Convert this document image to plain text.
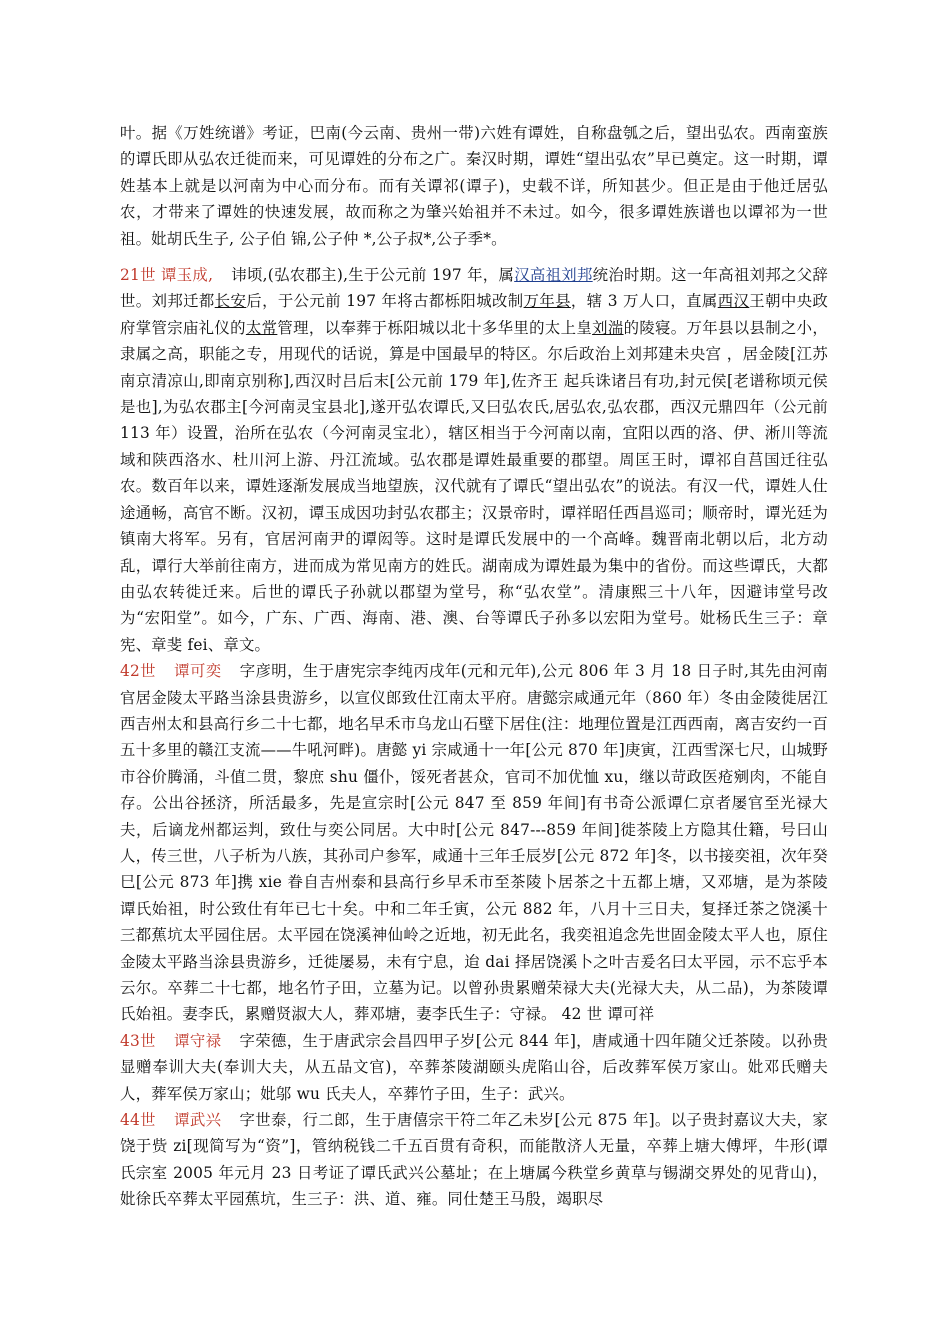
叶。据《万姓统谱》考证，巴南(今云南、贵州一带)六姓有谭姓，自称盘瓠之后，望出弘农。西南蛮族的谭氏即从弘农迁徙而来，可见谭姓的分布之广。秦汉时期，谭姓“望出弘农”早已奠定。这一时期，谭姓基本上就是以河南为中心而分布。而有关谭祁(谭子)，史载不详，所知甚少。但正是由于他迁居弘农，才带来了谭姓的快速发展，故而称之为肇兴始祖并不未过。如今，很多谭姓族谱也以谭祁为一世祖。妣胡氏生子, 公子伯 锦,公子仲 *,公子叔*,公子季*。

21世 谭玉成, 讳顷,(弘农郡主),生于公元前 197 年，属汉高祖刘邦统治时期。这一年高祖刘邦之父辞世。刘邦迁都长安后，于公元前 197 年将古都栎阳城改制万年县，辖 3 万人口，直属西汉王朝中央政府掌管宗庙礼仪的太常管理，以奉葬于栎阳城以北十多华里的太上皇刘湍的陵寝。万年县以县制之小，隶属之高，职能之专，用现代的话说，算是中国最早的特区。尔后政治上刘邦建未央宫 ，居金陵[江苏南京清凉山,即南京别称],西汉时吕后末[公元前 179 年],佐齐王 起兵诛诸吕有功,封元侯[老谱称顷元侯是也],为弘农郡主[今河南灵宝县北],遂开弘农谭氏,又曰弘农氏,居弘农,弘农郡，西汉元鼎四年（公元前 113 年）设置，治所在弘农（今河南灵宝北），辖区相当于今河南以南，宜阳以西的洛、伊、淅川等流域和陕西洛水、杜川河上游、丹江流域。弘农郡是谭姓最重要的郡望。周匡王时，谭祁自莒国迁往弘农。数百年以来，谭姓逐渐发展成当地望族，汉代就有了谭氏“望出弘农”的说法。有汉一代，谭姓人仕途通畅，高官不断。汉初，谭玉成因功封弘农郡主；汉景帝时，谭祥昭任西昌巡司；顺帝时，谭光廷为镇南大将军。另有，官居河南尹的谭闳等。这时是谭氏发展中的一个高峰。魏晋南北朝以后，北方动乱，谭行大举前往南方，进而成为常见南方的姓氏。湖南成为谭姓最为集中的省份。而这些谭氏，大都由弘农转徙迁来。后世的谭氏子孙就以郡望为堂号，称“弘农堂”。清康熙三十八年，因避讳堂号改为“宏阳堂”。如今，广东、广西、海南、港、澳、台等谭氏子孙多以宏阳为堂号。妣杨氏生三子：章宪、章斐 fei、章文。

42世 谭可奕 字彦明，生于唐宪宗李纯丙戌年(元和元年),公元 806 年 3 月 18 日子时,其先由河南官居金陵太平路当涂县贵游乡，以宣仪郎致仕江南太平府。唐懿宗咸通元年（860 年）冬由金陵徙居江西吉州太和县高行乡二十七都，地名早禾市乌龙山石壁下居住(注：地理位置是江西西南，离吉安约一百五十多里的赣江支流——牛吼河畔)。唐懿 yi 宗咸通十一年[公元 870 年]庚寅，江西雪深七尺，山城野市谷价腾涌，斗值二贯，黎庶 shu 僵仆，馁死者甚众，官司不加优恤 xu，继以苛政医疮剜肉，不能自存。公出谷拯济，所活最多，先是宣宗时[公元 847 至 859 年间]有书奇公派谭仁京者屡官至光禄大夫，后谪龙州都运判，致仕与奕公同居。大中时[公元 847---859 年间]徙茶陵上方隐其仕籍，号曰山人，传三世，八子析为八族，其孙司户参军，咸通十三年壬辰岁[公元 872 年]冬，以书接奕祖，次年癸巳[公元 873 年]携 xie 眷自吉州泰和县高行乡早禾市至茶陵卜居茶之十五都上塘，又邓塘，是为茶陵谭氏始祖，时公致仕有年已七十矣。中和二年壬寅，公元 882 年，八月十三日夫，复择迁茶之饶溪十三都蕉坑太平园住居。太平园在饶溪神仙岭之近地，初无此名，我奕祖追念先世固金陵太平人也，原住金陵太平路当涂县贵游乡，迁徙屡易，未有宁息，迨 dai 择居饶溪卜之叶吉爰名曰太平园，示不忘乎本云尔。卒葬二十七都，地名竹子田，立墓为记。以曾孙贵累赠荣禄大夫(光禄大夫，从二品)，为茶陵谭氏始祖。妻李氏，累赠贤淑大人，葬邓塘，妻李氏生子：守禄。 42 世 谭可祥

43世 谭守禄 字荣德，生于唐武宗会昌四甲子岁[公元 844 年]，唐咸通十四年随父迁茶陵。以孙贵显赠奉训大夫(奉训大夫，从五品文官)，卒葬茶陵湖颐头虎陷山谷，后改葬军侯万家山。妣邓氏赠夫人，葬军侯万家山；妣邬 wu 氏夫人，卒葬竹子田，生子：武兴。

44世 谭武兴 字世泰，行二郎，生于唐僖宗干符二年乙未岁[公元 875 年]。以子贵封嘉议大夫，家饶于赀 zi[现简写为“资”]，管纳税钱二千五百贯有奇积，而能散济人无量，卒葬上塘大傅坪，牛形(谭氏宗室 2005 年元月 23 日考证了谭氏武兴公墓址；在上塘属今秩堂乡黄草与锡湖交界处的见背山)，妣徐氏卒葬太平园蕉坑，生三子：洪、道、雍。同仕楚王马殷，竭职尽
